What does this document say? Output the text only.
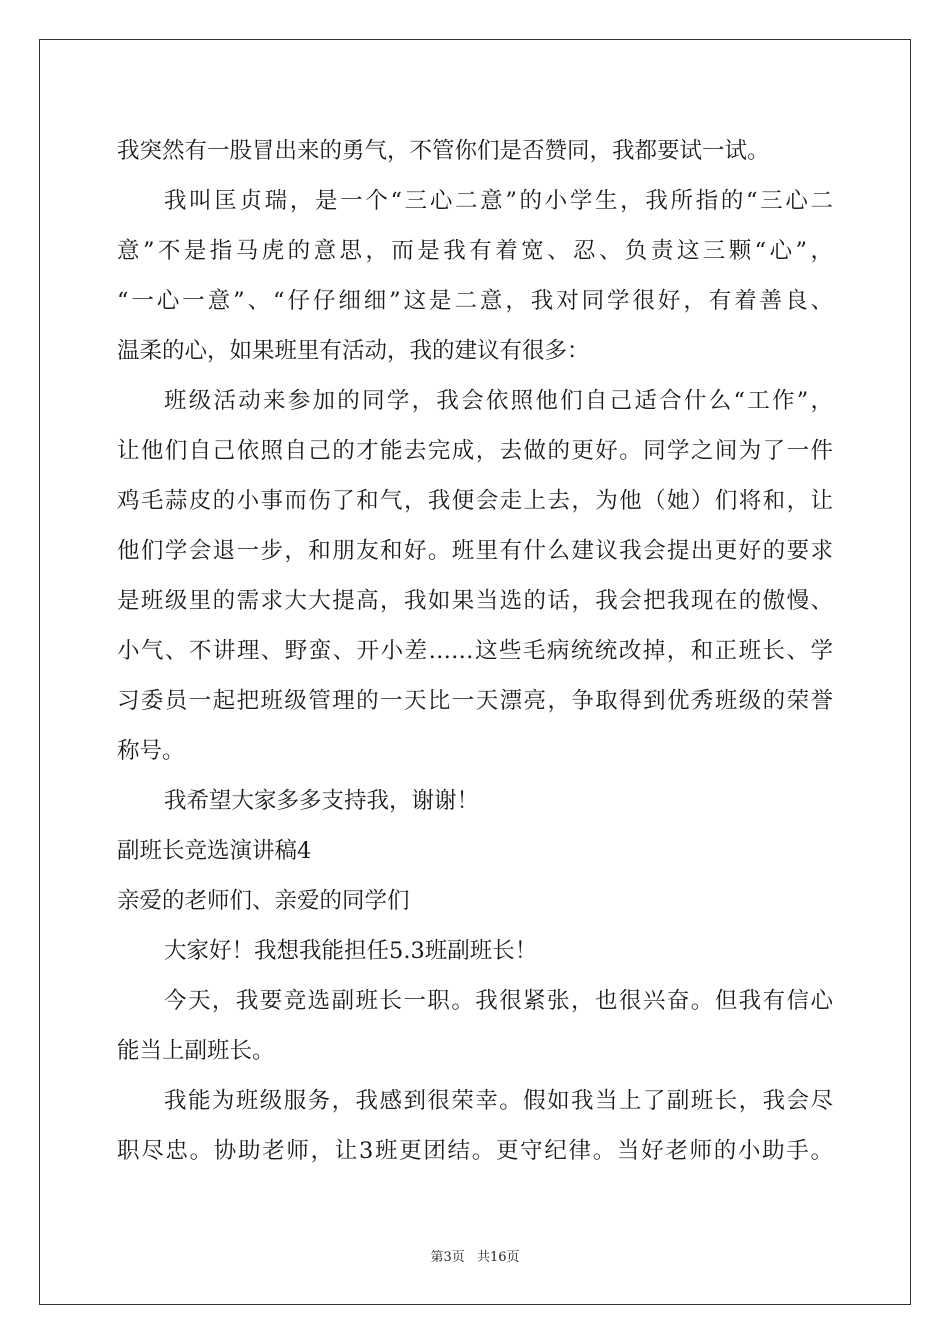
我突然有一股冒出来的勇气，不管你们是否赞同，我都要试一试。
我叫匡贞瑞，是一个“三心二意”的小学生，我所指的“三心二
意”不是指马虎的意思，而是我有着宽、忍、负责这三颗“心”，
“一心一意”、“仔仔细细”这是二意，我对同学很好，有着善良、
温柔的心，如果班里有活动，我的建议有很多：
班级活动来参加的同学，我会依照他们自己适合什么“工作”，
让他们自己依照自己的才能去完成，去做的更好。同学之间为了一件
鸡毛蒜皮的小事而伤了和气，我便会走上去，为他（她）们将和，让
他们学会退一步，和朋友和好。班里有什么建议我会提出更好的要求
是班级里的需求大大提高，我如果当选的话，我会把我现在的傲慢、
小气、不讲理、野蛮、开小差……这些毛病统统改掉，和正班长、学
习委员一起把班级管理的一天比一天漂亮，争取得到优秀班级的荣誉
称号。
我希望大家多多支持我，谢谢！
副班长竞选演讲稿4
亲爱的老师们、亲爱的同学们
大家好！我想我能担任5.3班副班长！
今天，我要竞选副班长一职。我很紧张，也很兴奋。但我有信心
能当上副班长。
我能为班级服务，我感到很荣幸。假如我当上了副班长，我会尽
职尽忠。协助老师，让3班更团结。更守纪律。当好老师的小助手。
第3页 共16页
